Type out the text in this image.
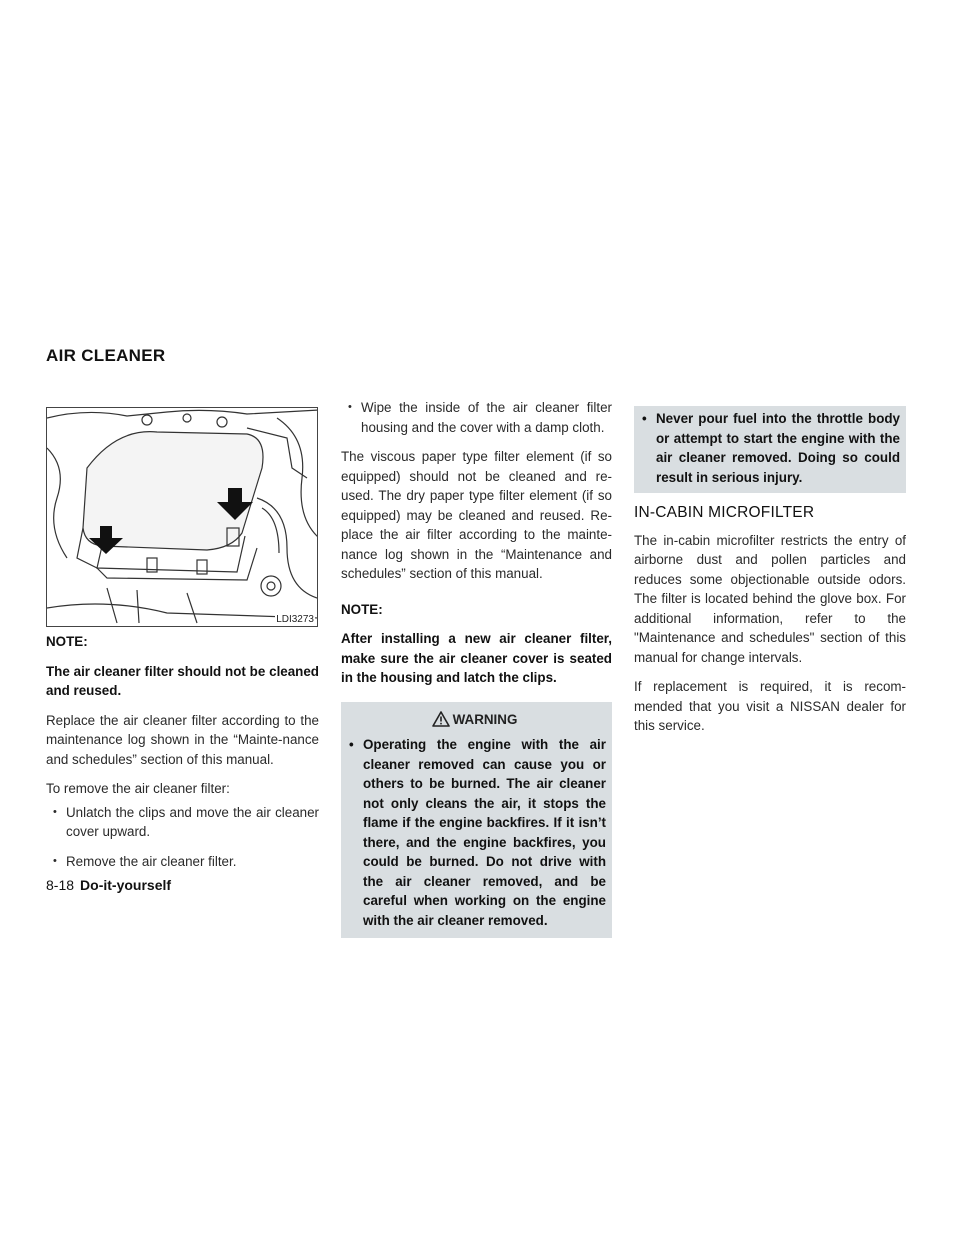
AIR CLEANER
LDI3273

NOTE:

The air cleaner filter should not be cleaned and reused.

Replace the air cleaner filter according to the maintenance log shown in the “Mainte-nance and schedules” section of this manual.

To remove the air cleaner filter:

• Unlatch the clips and move the air cleaner cover upward.
• Remove the air cleaner filter.
• Wipe the inside of the air cleaner filter housing and the cover with a damp cloth.

The viscous paper type filter element (if so equipped) should not be cleaned and re-used. The dry paper type filter element (if so equipped) may be cleaned and reused. Re-place the air filter according to the mainte-nance log shown in the “Maintenance and schedules” section of this manual.

NOTE:

After installing a new air cleaner filter, make sure the air cleaner cover is seated in the housing and latch the clips.

WARNING
• Operating the engine with the air cleaner removed can cause you or others to be burned. The air cleaner not only cleans the air, it stops the flame if the engine backfires. If it isn’t there, and the engine backfires, you could be burned. Do not drive with the air cleaner removed, and be careful when working on the engine with the air cleaner removed.
• Never pour fuel into the throttle body or attempt to start the engine with the air cleaner removed. Doing so could result in serious injury.
IN-CABIN MICROFILTER

The in-cabin microfilter restricts the entry of airborne dust and pollen particles and reduces some objectionable outside odors. The filter is located behind the glove box. For additional information, refer to the "Maintenance and schedules" section of this manual for change intervals.

If replacement is required, it is recom-mended that you visit a NISSAN dealer for this service.

8-18 Do-it-yourself
